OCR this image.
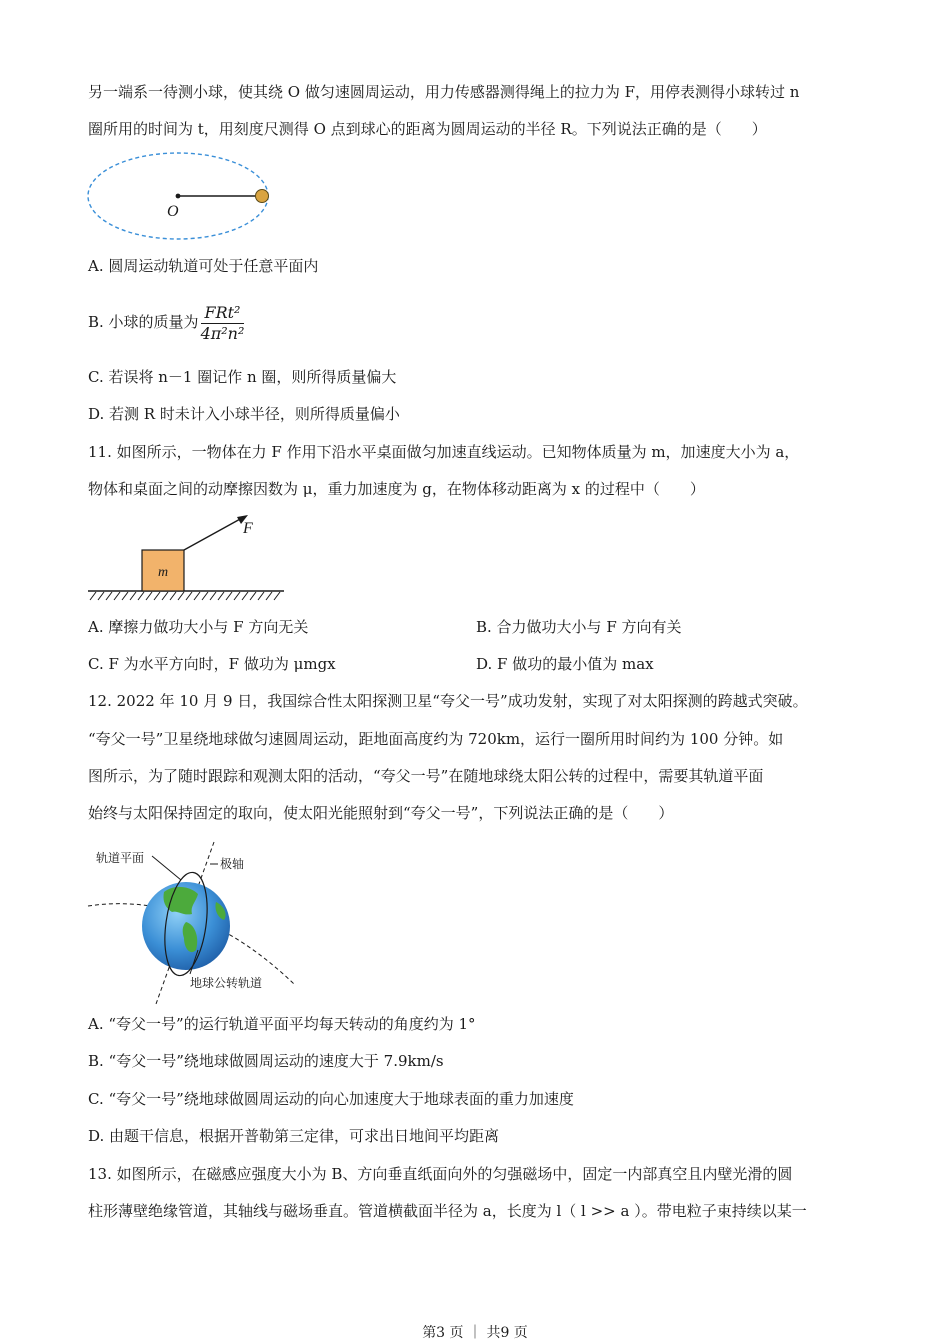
另一端系一待测小球，使其绕 O 做匀速圆周运动，用力传感器测得绳上的拉力为 F，用停表测得小球转过 n
圈所用的时间为 t，用刻度尺测得 O 点到球心的距离为圆周运动的半径 R。下列说法正确的是（　　）
O
A. 圆周运动轨道可处于任意平面内
B. 小球的质量为 $\frac{\text{FRt²}}{\text{4π²n²}}$
C. 若误将 n－1 圈记作 n 圈，则所得质量偏大
D. 若测 R 时未计入小球半径，则所得质量偏小
11. 如图所示，一物体在力 F 作用下沿水平桌面做匀加速直线运动。已知物体质量为 m，加速度大小为 a，
物体和桌面之间的动摩擦因数为 μ，重力加速度为 g，在物体移动距离为 x 的过程中（　　）
m
F
A. 摩擦力做功大小与 F 方向无关	B. 合力做功大小与 F 方向有关
C. F 为水平方向时，F 做功为 μmgx	D. F 做功的最小值为 max
12. 2022 年 10 月 9 日，我国综合性太阳探测卫星“夸父一号”成功发射，实现了对太阳探测的跨越式突破。
“夸父一号”卫星绕地球做匀速圆周运动，距地面高度约为 720km，运行一圈所用时间约为 100 分钟。如
图所示，为了随时跟踪和观测太阳的活动，“夸父一号”在随地球绕太阳公转的过程中，需要其轨道平面
始终与太阳保持固定的取向，使太阳光能照射到“夸父一号”，下列说法正确的是（　　）
轨道平面	极轴
地球公转轨道
A. “夸父一号”的运行轨道平面平均每天转动的角度约为 1°
B. “夸父一号”绕地球做圆周运动的速度大于 7.9km/s
C. “夸父一号”绕地球做圆周运动的向心加速度大于地球表面的重力加速度
D. 由题干信息，根据开普勒第三定律，可求出日地间平均距离
13. 如图所示，在磁感应强度大小为 B、方向垂直纸面向外的匀强磁场中，固定一内部真空且内壁光滑的圆
柱形薄壁绝缘管道，其轴线与磁场垂直。管道横截面半径为 a，长度为 l（ l >> a ）。带电粒子束持续以某一
第3 页 ｜ 共9 页
